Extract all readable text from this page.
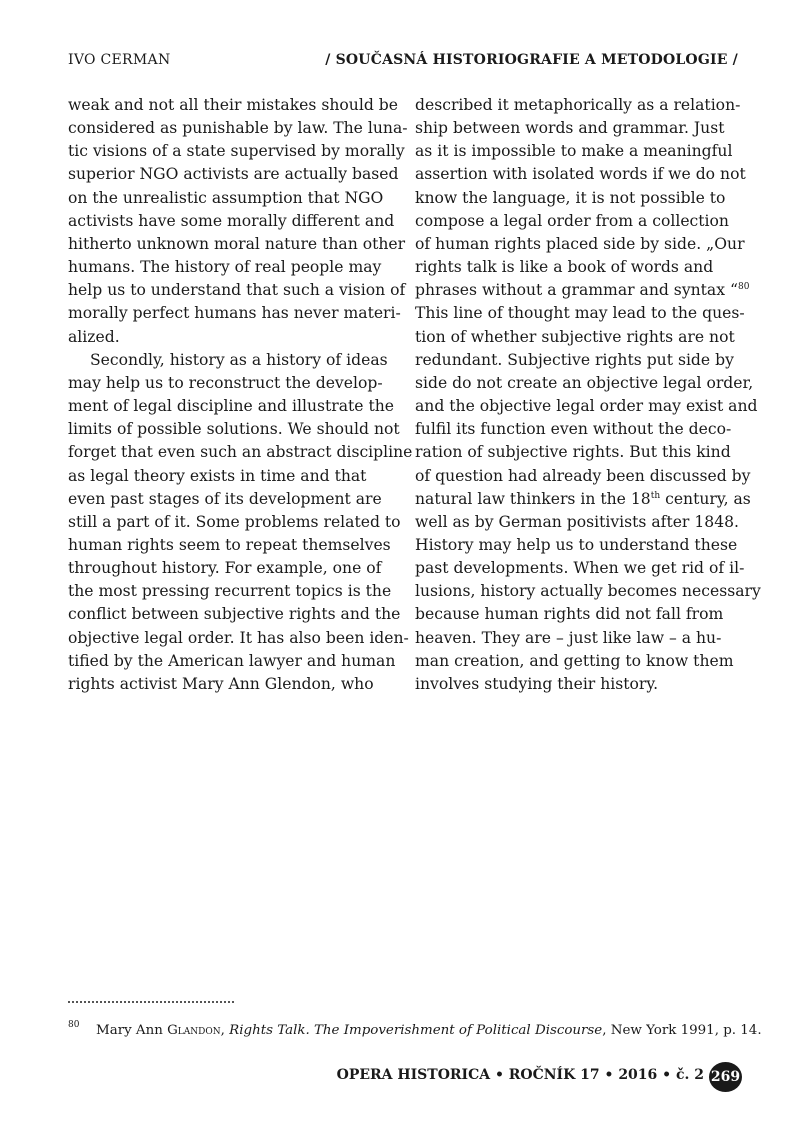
IVO CERMAN	/ SOUČASNÁ HISTORIOGRAFIE A METODOLOGIE /
weak and not all their mistakes should be
considered as punishable by law. The luna-
tic visions of a state supervised by morally
superior NGO activists are actually based
on the unrealistic assumption that NGO
activists have some morally different and
hitherto unknown moral nature than other
humans. The history of real people may
help us to understand that such a vision of
morally perfect humans has never materi-
alized.
Secondly, history as a history of ideas
may help us to reconstruct the develop-
ment of legal discipline and illustrate the
limits of possible solutions. We should not
forget that even such an abstract discipline
as legal theory exists in time and that
even past stages of its development are
still a part of it. Some problems related to
human rights seem to repeat themselves
throughout history. For example, one of
the most pressing recurrent topics is the
conflict between subjective rights and the
objective legal order. It has also been iden-
tified by the American lawyer and human
rights activist Mary Ann Glendon, who
described it metaphorically as a relation-
ship between words and grammar. Just
as it is impossible to make a meaningful
assertion with isolated words if we do not
know the language, it is not possible to
compose a legal order from a collection
of human rights placed side by side. „Our
rights talk is like a book of words and
phrases without a grammar and syntax “$^{80}$
This line of thought may lead to the ques-
tion of whether subjective rights are not
redundant. Subjective rights put side by
side do not create an objective legal order,
and the objective legal order may exist and
fulfil its function even without the deco-
ration of subjective rights. But this kind
of question had already been discussed by
natural law thinkers in the 18th century, as
well as by German positivists after 1848.
History may help us to understand these
past developments. When we get rid of il-
lusions, history actually becomes necessary
because human rights did not fall from
heaven. They are – just like law – a hu-
man creation, and getting to know them
involves studying their history.
80 Mary Ann Glandon, Rights Talk. The Impoverishment of Political Discourse, New York 1991, p. 14.
OPERA HISTORICA • ROČNÍK 17 • 2016 • č. 2 269
